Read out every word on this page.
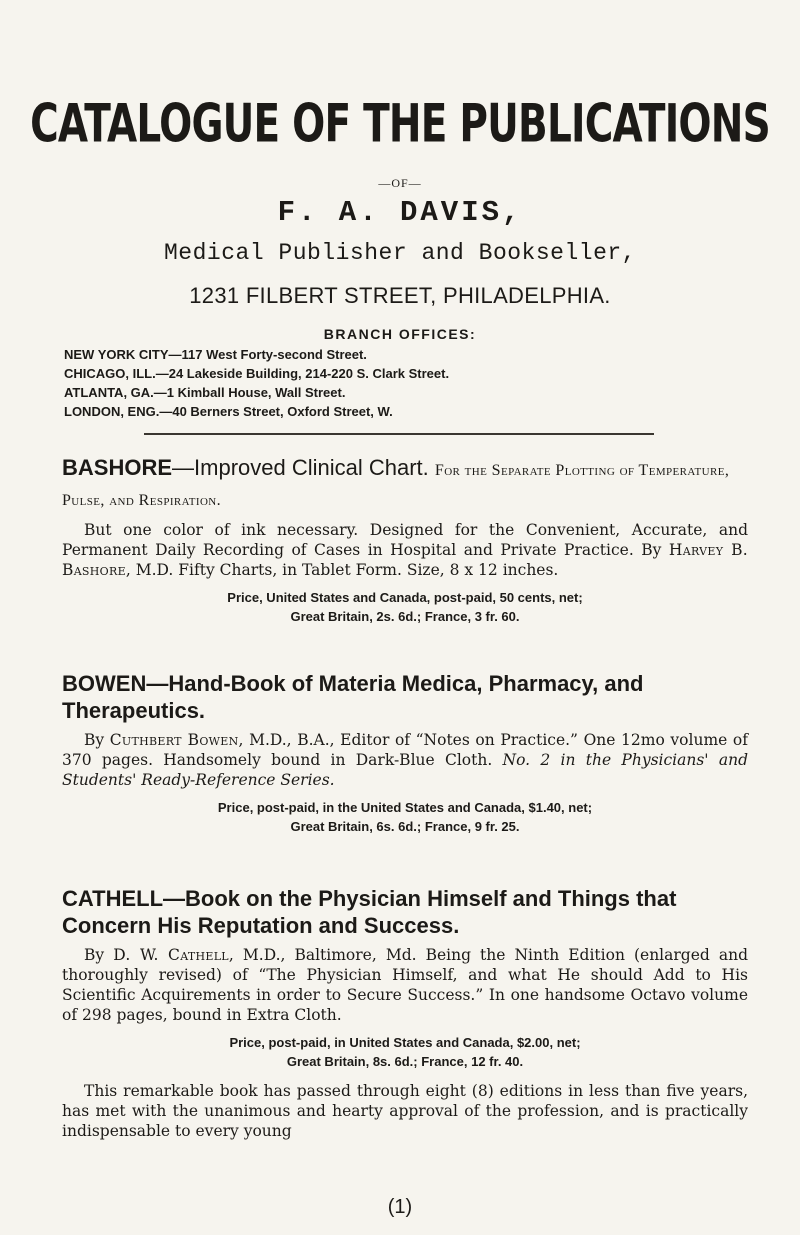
CATALOGUE OF THE PUBLICATIONS
—OF—
F. A. DAVIS,
Medical Publisher and Bookseller,
1231 FILBERT STREET, PHILADELPHIA.
BRANCH OFFICES:
NEW YORK CITY—117 West Forty-second Street.
CHICAGO, ILL.—24 Lakeside Building, 214-220 S. Clark Street.
ATLANTA, GA.—1 Kimball House, Wall Street.
LONDON, ENG.—40 Berners Street, Oxford Street, W.

BASHORE—Improved Clinical Chart. For the Separate Plotting of Temperature, Pulse, and Respiration.

But one color of ink necessary. Designed for the Convenient, Accurate, and Permanent Daily Recording of Cases in Hospital and Private Practice. By Harvey B. Bashore, M.D. Fifty Charts, in Tablet Form. Size, 8 x 12 inches.

Price, United States and Canada, post-paid, 50 cents, net;
Great Britain, 2s. 6d.; France, 3 fr. 60.

BOWEN—Hand-Book of Materia Medica, Pharmacy, and Therapeutics.

By Cuthbert Bowen, M.D., B.A., Editor of “Notes on Practice.” One 12mo volume of 370 pages. Handsomely bound in Dark-Blue Cloth. No. 2 in the Physicians' and Students' Ready-Reference Series.

Price, post-paid, in the United States and Canada, $1.40, net;
Great Britain, 6s. 6d.; France, 9 fr. 25.

CATHELL—Book on the Physician Himself and Things that Concern His Reputation and Success.

By D. W. Cathell, M.D., Baltimore, Md. Being the Ninth Edition (enlarged and thoroughly revised) of “The Physician Himself, and what He should Add to His Scientific Acquirements in order to Secure Success.” In one handsome Octavo volume of 298 pages, bound in Extra Cloth.

Price, post-paid, in United States and Canada, $2.00, net;
Great Britain, 8s. 6d.; France, 12 fr. 40.

This remarkable book has passed through eight (8) editions in less than five years, has met with the unanimous and hearty approval of the profession, and is practically indispensable to every young

(1)
